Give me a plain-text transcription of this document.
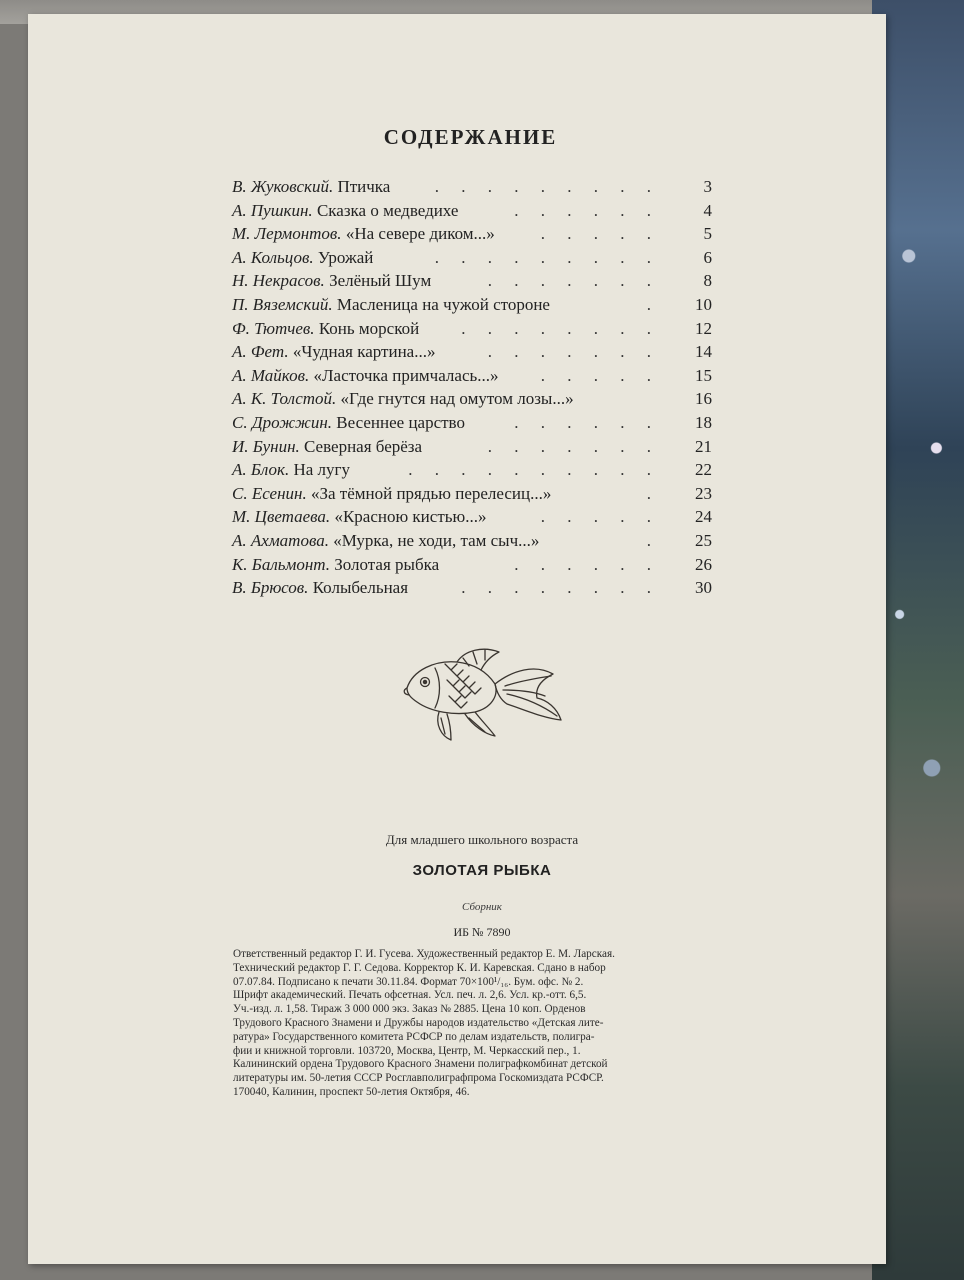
СОДЕРЖАНИЕ
В. Жуковский. Птичка	. . . . . . . . .	3
А. Пушкин. Сказка о медведихе	. . . . . .	4
М. Лермонтов. «На севере диком...»	. . . . .	5
А. Кольцов. Урожай	. . . . . . . . .	6
Н. Некрасов. Зелёный Шум	. . . . . . .	8
П. Вяземский. Масленица на чужой стороне	.	10
Ф. Тютчев. Конь морской . . . . . . . .	12
А. Фет. «Чудная картина...»	. . . . . . .	14
А. Майков. «Ласточка примчалась...» . . . . .	15
А. К. Толстой. «Где гнутся над омутом лозы...»	16
С. Дрожжин. Весеннее царство	. . . . . .	18
И. Бунин. Северная берёза	. . . . . . .	21
А. Блок. На лугу	. . . . . . . . . .	22
С. Есенин. «За тёмной прядью перелесиц...»	.	23
М. Цветаева. «Красною кистью...»	. . . . .	24
А. Ахматова. «Мурка, не ходи, там сыч...»	.	25
К. Бальмонт. Золотая рыбка	. . . . . .	26
В. Брюсов. Колыбельная	. . . . . . . .	30
Для младшего школьного возраста
ЗОЛОТАЯ РЫБКА
Сборник
ИБ № 7890
Ответственный редактор Г. И. Гусева. Художественный редактор Е. М. Ларская.
Технический редактор Г. Г. Седова. Корректор К. И. Каревская. Сдано в набор
07.07.84. Подписано к печати 30.11.84. Формат 70×100¹/₁₆. Бум. офс. № 2.
Шрифт академический. Печать офсетная. Усл. печ. л. 2,6. Усл. кр.-отт. 6,5.
Уч.-изд. л. 1,58. Тираж 3 000 000 экз. Заказ № 2885. Цена 10 коп. Орденов
Трудового Красного Знамени и Дружбы народов издательство «Детская лите-
ратура» Государственного комитета РСФСР по делам издательств, полигра-
фии и книжной торговли. 103720, Москва, Центр, М. Черкасский пер., 1.
Калининский ордена Трудового Красного Знамени полиграфкомбинат детской
литературы им. 50-летия СССР Росглавполиграфпрома Госкомиздата РСФСР.
170040, Калинин, проспект 50-летия Октября, 46.
